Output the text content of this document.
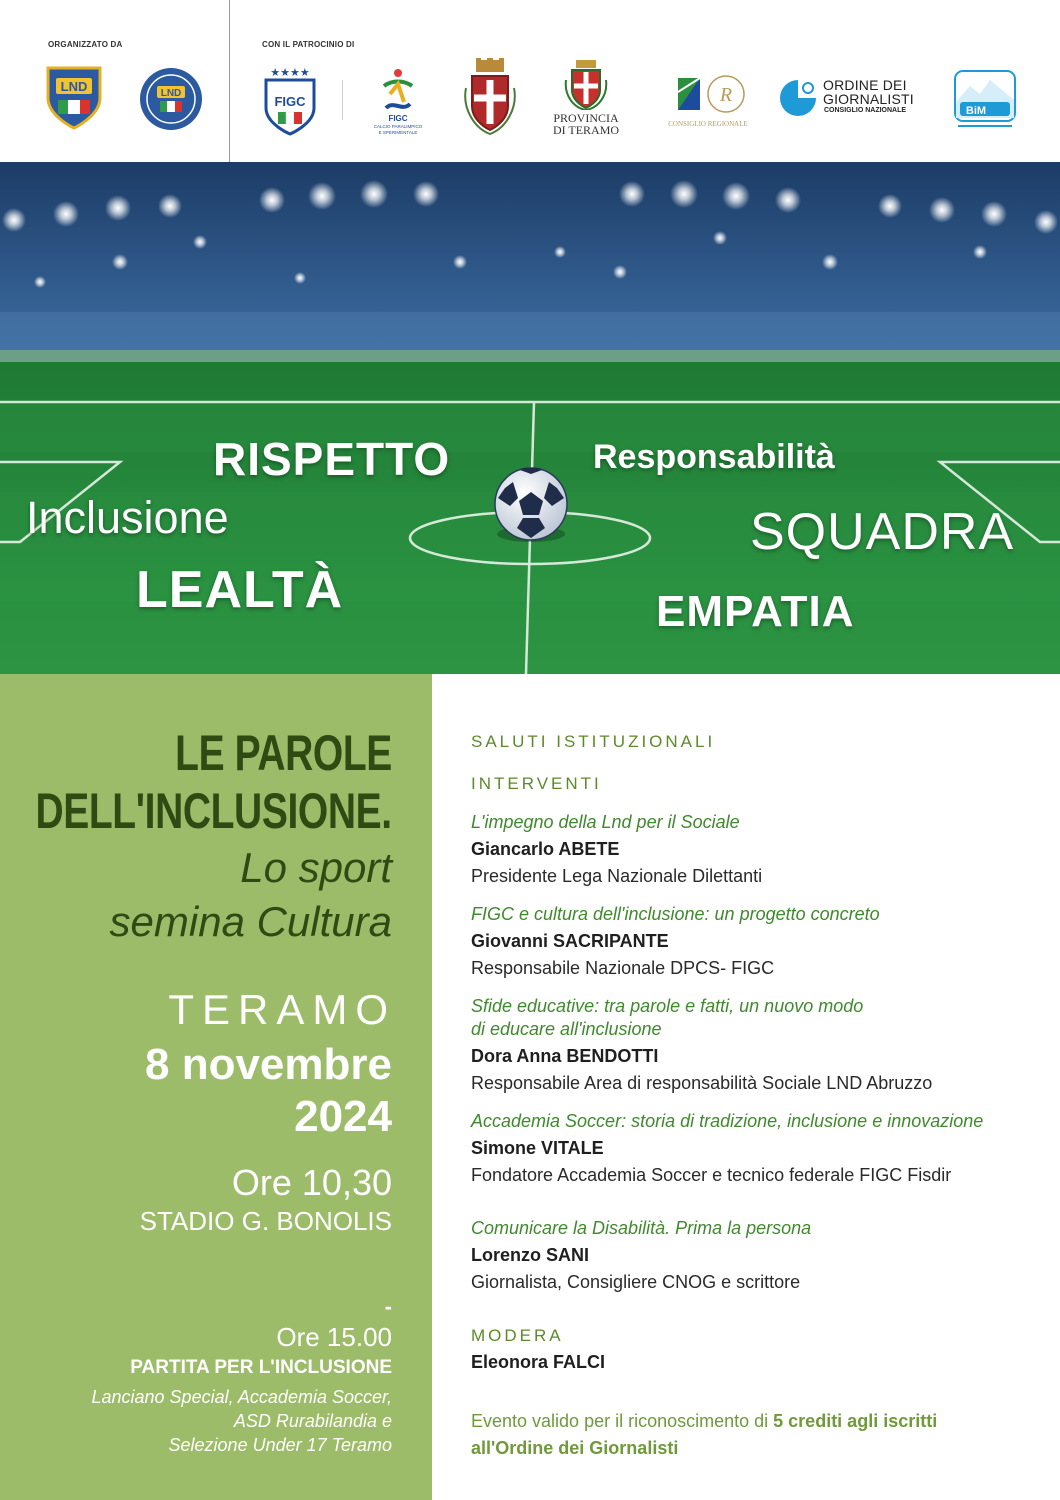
ORGANIZZATO DA	CON IL PATROCINIO DI
LND	LND
★★★★
FIGC
FIGC
CALCIO PARALIMPICO
E SPERIMENTALE
PROVINCIA
DI TERAMO
R
CONSIGLIO REGIONALE
ORDINE DEI
GIORNALISTI
CONSIGLIO NAZIONALE	BiM
RISPETTO
Inclusione
LEALTÀ
Responsabilità
SQUADRA
EMPATIA
LE PAROLE
DELL'INCLUSIONE.
Lo sport
semina Cultura
TERAMO
8 novembre
2024
Ore 10,30
STADIO G. BONOLIS
-
Ore 15.00
PARTITA PER L'INCLUSIONE
Lanciano Special, Accademia Soccer,
ASD Rurabilandia e
Selezione Under 17 Teramo
SALUTI ISTITUZIONALI
INTERVENTI
L'impegno della Lnd per il Sociale
Giancarlo ABETE
Presidente Lega Nazionale Dilettanti
FIGC e cultura dell'inclusione: un progetto concreto
Giovanni SACRIPANTE
Responsabile Nazionale DPCS- FIGC
Sfide educative: tra parole e fatti, un nuovo modo
di educare all'inclusione
Dora Anna BENDOTTI
Responsabile Area di responsabilità Sociale LND Abruzzo
Accademia Soccer: storia di tradizione, inclusione e innovazione
Simone VITALE
Fondatore Accademia Soccer e tecnico federale FIGC Fisdir
Comunicare la Disabilità. Prima la persona
Lorenzo SANI
Giornalista, Consigliere CNOG e scrittore
MODERA
Eleonora FALCI
Evento valido per il riconoscimento di 5 crediti agli iscritti
all'Ordine dei Giornalisti
